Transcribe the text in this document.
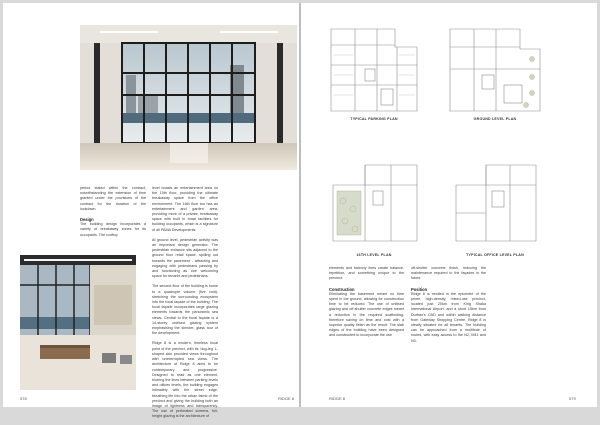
period stated within the contract, notwithstanding the extension of time granted under the provisions of the contract for the duration of the lockdown.

Design

The building design incorporates a variety of breakaway zones for its occupants. The rooftop

level boasts an entertainment area on the 15th floor, providing the ultimate breakaway space from the office environment. The 16th floor too has an entertainment and garden area, providing more of a private, breakaway space with built in braai facilities for building occupants, which is a signature of all PAMA Developments.

At ground level, pedestrian activity was an important design generator. The pedestrian entrance sits adjacent to the ground floor retail space, spilling out towards the pavement - attracting and engaging with pedestrians passing by and functioning as one welcoming space for tenants and pedestrians.

The second floor of the building is home to a quadruple volume (five void), stretching the surrounding ecosystem into the focal façade of the building. The focal façade incorporates large glazing elements towards the panoramic sea views. Central to the focal façade is a 14-storey unitised glazing system emphasising the slender, glass tour of the development.

Ridge 8 is a modern, timeless focal point of the precinct, with its 'dog-leg' L-shaped skin provided views throughout with uninterrupted sea views. The architecture of Ridge 8 aims to be contemporary and progressive. Designed to read as one element, blurring the lines between parking levels and offices levels, the building engages intimately with the street edge, breathing life into the urban fabric of the precinct and giving the building both an image of lightness and transparency. The use of perforated screens, full-height glazing is the architecture of

578	RIDGE 8
TYPICAL PARKING PLAN	GROUND LEVEL PLAN
16TH LEVEL PLAN	TYPICAL OFFICE LEVEL PLAN

elements and balcony lines create balance, repetition, and something unique to the precinct.

Construction

Eliminating the basement meant no time spent in the ground, allowing for construction time to be reduced. The use of unitised glazing and off-shutter concrete edges meant a reduction in the required scaffolding, therefore saving on time and cost with a superior quality finish as the result. The slab edges of the building have been designed and constructed to incorporate the use

off-shutter concrete finish, reducing the maintenance required to the façades in the future.

Position

Ridge 8 is nestled in the epicentre of the prime, high-density, mixed-use precinct, located just 20km from King Shaka International Airport, and a short 15km from Durban's CBD and within walking distance from Gateway Shopping Centre, Ridge 8 is ideally situated for all tenants. The building can be approached from a multitude of routes, with easy access to the N2, M41 and N3.

RIDGE 8	579
